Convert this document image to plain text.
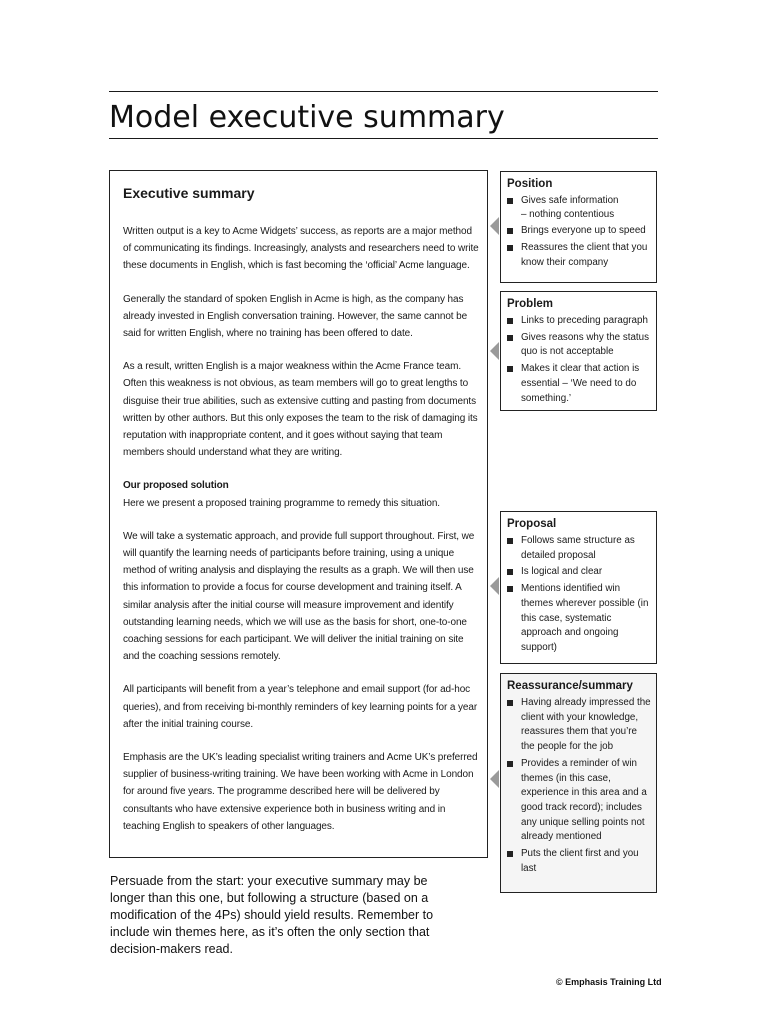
Model executive summary
Executive summary

Written output is a key to Acme Widgets’ success, as reports are a major method of communicating its findings. Increasingly, analysts and researchers need to write these documents in English, which is fast becoming the ‘official’ Acme language.

Generally the standard of spoken English in Acme is high, as the company has already invested in English conversation training. However, the same cannot be said for written English, where no training has been offered to date.

As a result, written English is a major weakness within the Acme France team. Often this weakness is not obvious, as team members will go to great lengths to disguise their true abilities, such as extensive cutting and pasting from documents written by other authors. But this only exposes the team to the risk of damaging its reputation with inappropriate content, and it goes without saying that team members should understand what they are writing.

Our proposed solution

Here we present a proposed training programme to remedy this situation.

We will take a systematic approach, and provide full support throughout. First, we will quantify the learning needs of participants before training, using a unique method of writing analysis and displaying the results as a graph. We will then use this information to provide a focus for course development and training itself. A similar analysis after the initial course will measure improvement and identify outstanding learning needs, which we will use as the basis for short, one-to-one coaching sessions for each participant. We will deliver the initial training on site and the coaching sessions remotely.

All participants will benefit from a year’s telephone and email support (for ad-hoc queries), and from receiving bi-monthly reminders of key learning points for a year after the initial training course.

Emphasis are the UK’s leading specialist writing trainers and Acme UK’s preferred supplier of business-writing training. We have been working with Acme in London for around five years. The programme described here will be delivered by consultants who have extensive experience both in business writing and in teaching English to speakers of other languages.

Position
Gives safe information
– nothing contentious
Brings everyone up to speed
Reassures the client that you know their company
Problem
Links to preceding paragraph
Gives reasons why the status quo is not acceptable
Makes it clear that action is essential – ‘We need to do something.’
Proposal
Follows same structure as detailed proposal
Is logical and clear
Mentions identified win themes wherever possible (in this case, systematic approach and ongoing support)
Reassurance/summary
Having already impressed the client with your knowledge, reassures them that you’re the people for the job
Provides a reminder of win themes (in this case, experience in this area and a good track record); includes any unique selling points not already mentioned
Puts the client first and you last

Persuade from the start: your executive summary may be longer than this one, but following a structure (based on a modification of the 4Ps) should yield results. Remember to include win themes here, as it’s often the only section that decision-makers read.

© Emphasis Training Ltd
